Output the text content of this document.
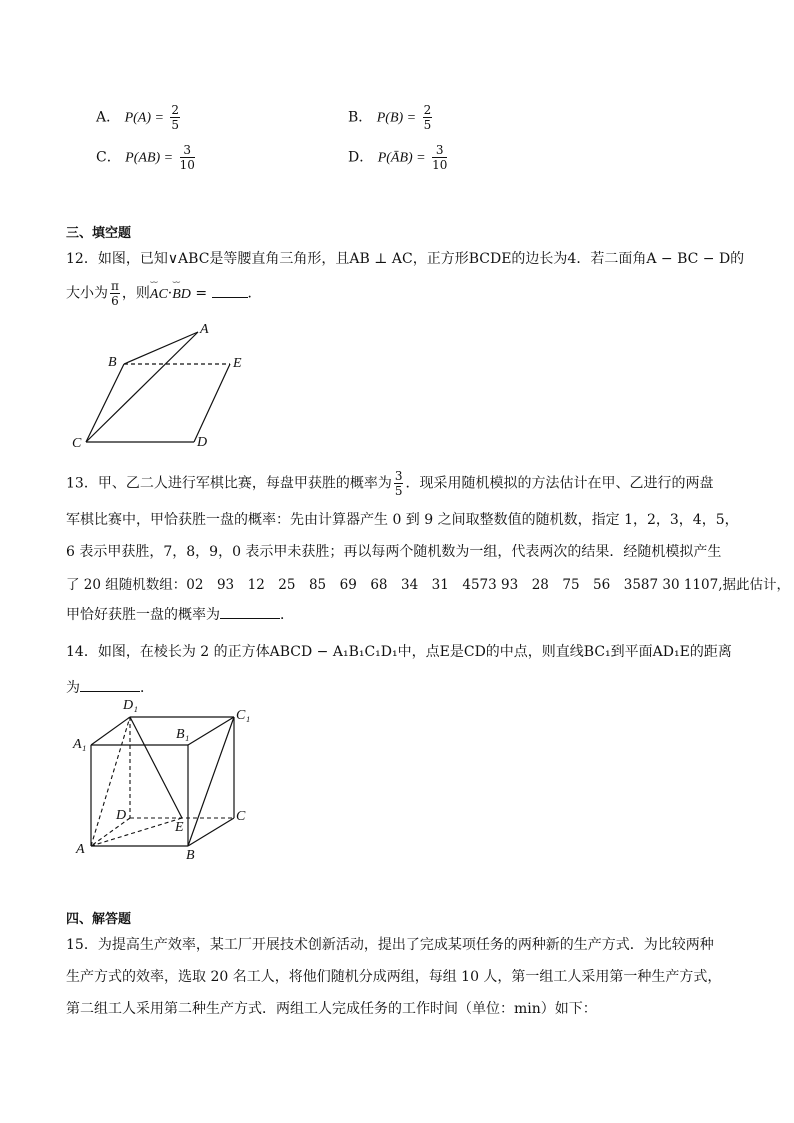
A． $P(A) = \frac{2}{5}$	B． $P(B) = \frac{2}{5}$
C． $P(AB) = \frac{3}{10}$	D． P(ĀB) = $\frac{3}{10}$
三、填空题
12．如图，已知∨ABC是等腰直角三角形，且AB ⊥ AC，正方形BCDE的边长为4．若二面角A − BC − D的
大小为 $\frac{\pi}{6}$ ，则⌣⌣ AC·⌣⌣ BD =	．
A
B	E
C	D
13．甲、乙二人进行军棋比赛，每盘甲获胜的概率为 $\frac{3}{5}$ ．现采用随机模拟的方法估计在甲、乙进行的两盘
军棋比赛中，甲恰获胜一盘的概率：先由计算器产生 0 到 9 之间取整数值的随机数，指定 1，2，3，4，5，
6 表示甲获胜，7，8，9，0 表示甲未获胜；再以每两个随机数为一组，代表两次的结果．经随机模拟产生
了 20 组随机数组：02　93　12　25　85　69　68　34　31　4573 93　28　75　56　3587 30 1107,据此估计，
甲恰好获胜一盘的概率为	．
14．如图，在棱长为 2 的正方体ABCD − A₁B₁C₁D₁中，点E是CD的中点，则直线BC₁到平面AD₁E的距离
为	．
D₁
C₁
A₁
B₁
D
E
C
A	B
四、解答题
15．为提高生产效率，某工厂开展技术创新活动，提出了完成某项任务的两种新的生产方式．为比较两种
生产方式的效率，选取 20 名工人，将他们随机分成两组，每组 10 人，第一组工人采用第一种生产方式，
第二组工人采用第二种生产方式．两组工人完成任务的工作时间（单位：min）如下：
